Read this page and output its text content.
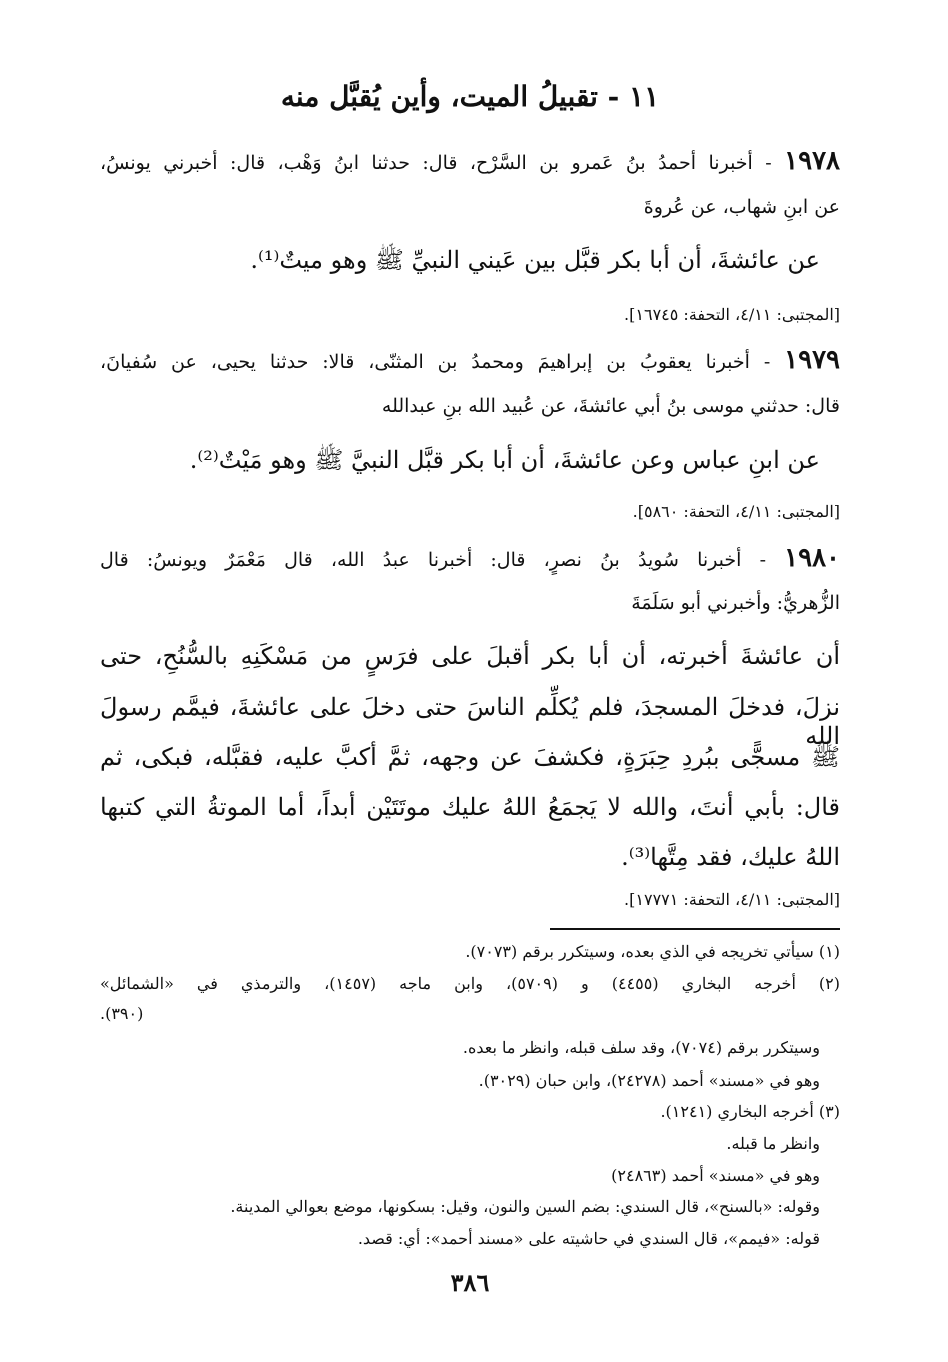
١١ - تقبيلُ الميت، وأين يُقبَّل منه
١٩٧٨ - أخبرنا أحمدُ بنُ عَمرو بن السَّرْح، قال: حدثنا ابنُ وَهْب، قال: أخبرني يونسُ،
عن ابنِ شهاب، عن عُروةَ
عن عائشةَ، أن أبا بكر قبَّل بين عَيني النبيِّ ﷺ وهو ميتٌ⁽¹⁾.
[المجتبى: ٤/١١، التحفة: ١٦٧٤٥].
١٩٧٩ - أخبرنا يعقوبُ بن إبراهيمَ ومحمدُ بن المثنّى، قالا: حدثنا يحيى، عن سُفيانَ،
قال: حدثني موسى بنُ أبي عائشةَ، عن عُبيد الله بنِ عبدالله
عن ابنِ عباس وعن عائشةَ، أن أبا بكر قبَّل النبيَّ ﷺ وهو مَيْتٌ⁽²⁾.
[المجتبى: ٤/١١، التحفة: ٥٨٦٠].
١٩٨٠ - أخبرنا سُويدُ بنُ نصرٍ، قال: أخبرنا عبدُ الله، قال مَعْمَرٌ ويونسُ: قال
الزُّهريُّ: وأخبرني أبو سَلَمَةَ
أن عائشةَ أخبرته، أن أبا بكر أقبلَ على فرَسٍ من مَسْكَنِهِ بالسُّنُحِ، حتى
نزلَ، فدخلَ المسجدَ، فلم يُكلِّم الناسَ حتى دخلَ على عائشةَ، فيمَّم رسولَ الله
ﷺ مسجًّى ببُردِ حِبَرَةٍ، فكشفَ عن وجهه، ثمَّ أكبَّ عليه، فقبَّله، فبكى، ثم
قال: بأبي أنتَ، والله لا يَجمَعُ اللهُ عليك موتَتَيْن أبداً، أما الموتةُ التي كتبها
اللهُ عليك، فقد مِتَّها⁽³⁾.
[المجتبى: ٤/١١، التحفة: ١٧٧٧١].
(١) سيأتي تخريجه في الذي بعده، وسيتكرر برقم (٧٠٧٣).
(٢) أخرجه البخاري (٤٤٥٥) و (٥٧٠٩)، وابن ماجه (١٤٥٧)، والترمذي في «الشمائل»
(٣٩٠).
وسيتكرر برقم (٧٠٧٤)، وقد سلف قبله، وانظر ما بعده.
وهو في «مسند» أحمد (٢٤٢٧٨)، وابن حبان (٣٠٢٩).
(٣) أخرجه البخاري (١٢٤١).
وانظر ما قبله.
وهو في «مسند» أحمد (٢٤٨٦٣)
وقوله: «بالسنح»، قال السندي: بضم السين والنون، وقيل: بسكونها، موضع بعوالي المدينة.
قوله: «فيمم»، قال السندي في حاشيته على «مسند أحمد»: أي: قصد.
٣٨٦
